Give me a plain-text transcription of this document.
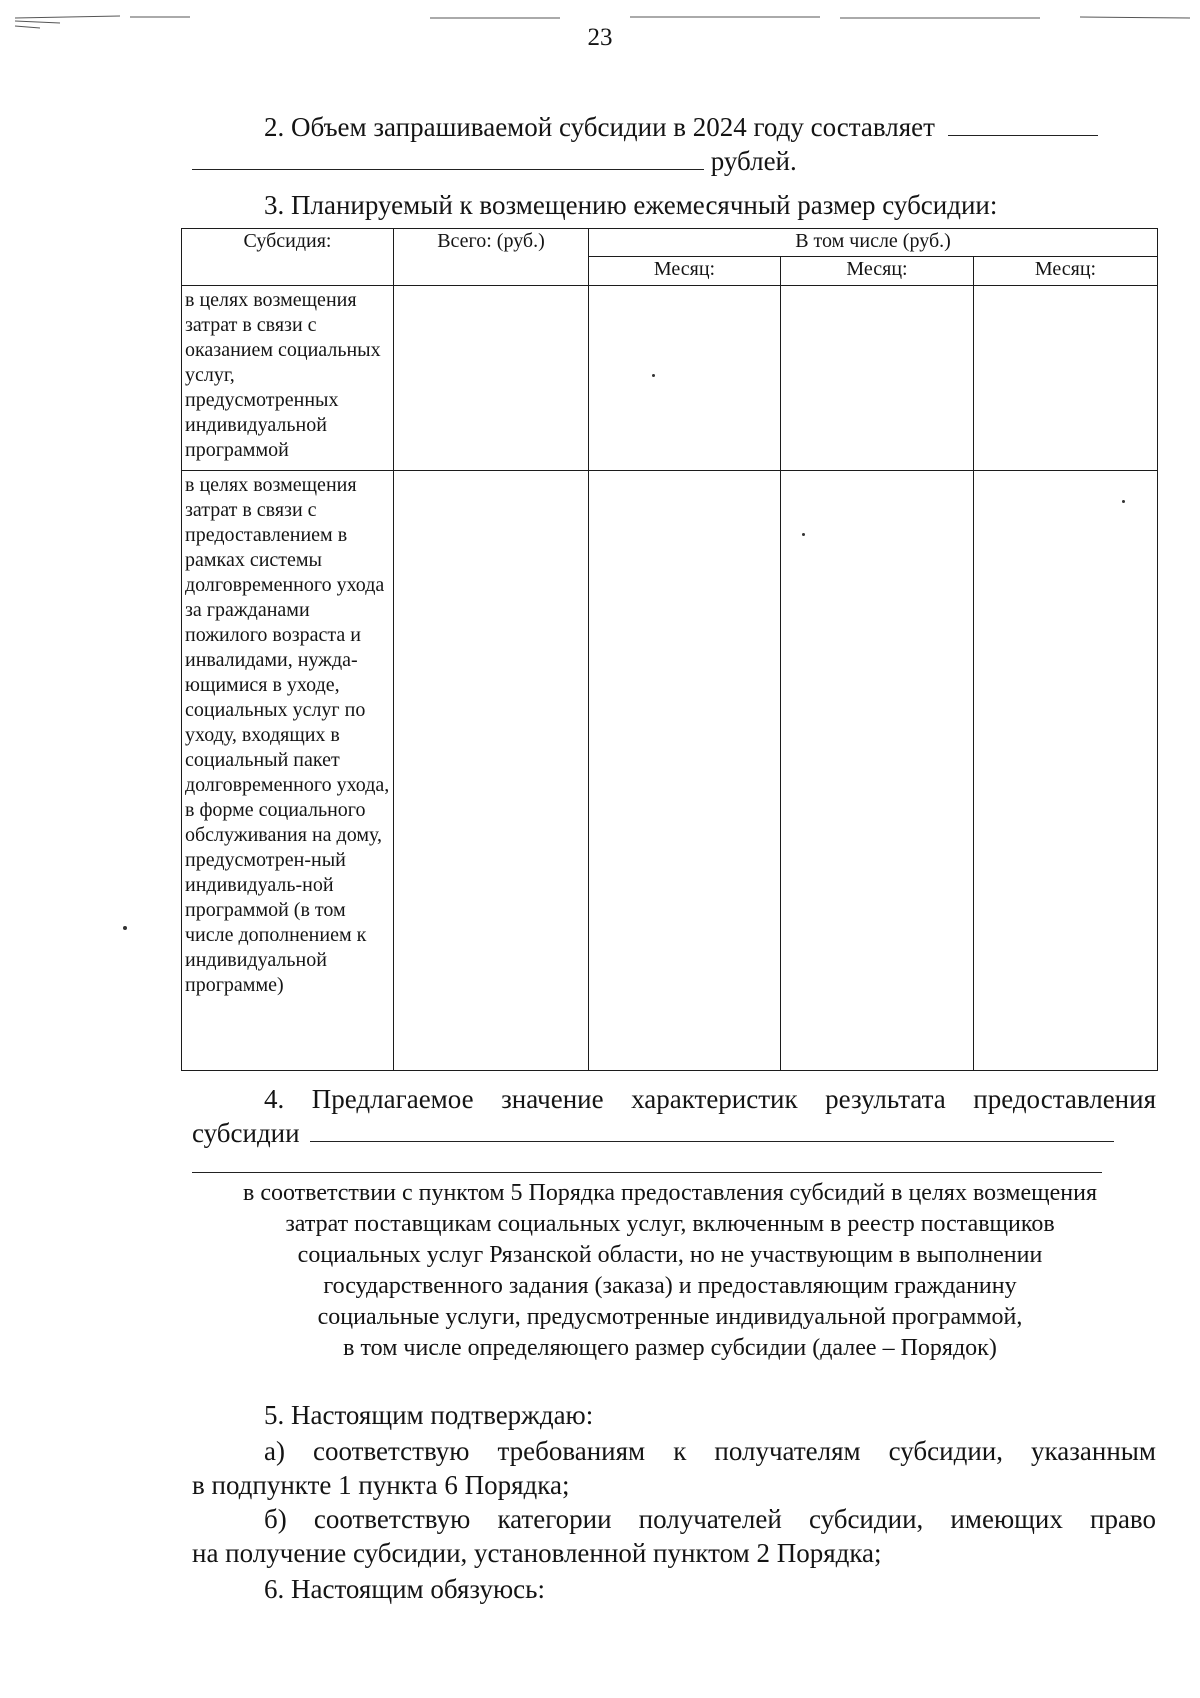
23
2. Объем запрашиваемой субсидии в 2024 году составляет
рублей.
3. Планируемый к возмещению ежемесячный размер субсидии:
Субсидия:	Всего: (руб.)	В том числе (руб.)		
		Месяц:	Месяц:	Месяц:
в целях возмещения затрат в связи с оказанием социальных услуг, предусмотренных индивидуальной программой				
в целях возмещения затрат в связи с предоставлением в рамках системы долговременного ухода за гражданами пожилого возраста и инвалидами, нужда-ющимися в уходе, социальных услуг по уходу, входящих в социальный пакет долговременного ухода, в форме социального обслуживания на дому, предусмотрен-ный индивидуаль-ной программой (в том числе дополнением к индивидуальной программе)				
4. Предлагаемое значение характеристик результата предоставления
субсидии
в соответствии с пунктом 5 Порядка предоставления субсидий в целях возмещения
затрат поставщикам социальных услуг, включенным в реестр поставщиков
социальных услуг Рязанской области, но не участвующим в выполнении
государственного задания (заказа) и предоставляющим гражданину
социальные услуги, предусмотренные индивидуальной программой,
в том числе определяющего размер субсидии (далее – Порядок)
5. Настоящим подтверждаю:
а) соответствую требованиям к получателям субсидии, указанным
в подпункте 1 пункта 6 Порядка;
б) соответствую категории получателей субсидии, имеющих право
на получение субсидии, установленной пунктом 2 Порядка;
6. Настоящим обязуюсь:
